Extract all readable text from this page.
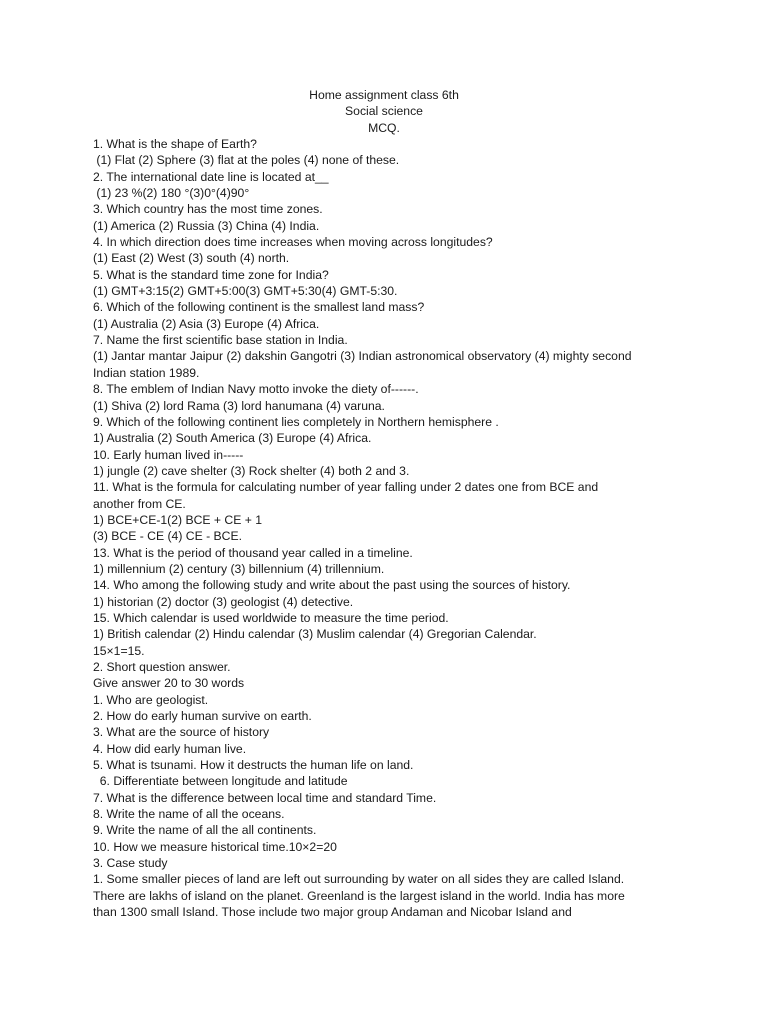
Home assignment class 6th
Social science
MCQ.
1. What is the shape of Earth?
(1) Flat (2) Sphere (3) flat at the poles (4) none of these.
2. The international date line is located at__
(1) 23 %(2) 180 °(3)0°(4)90°
3. Which country has the most time zones.
(1) America (2) Russia (3) China (4) India.
4. In which direction does time increases when moving across longitudes?
(1) East (2) West (3) south (4) north.
5. What is the standard time zone for India?
(1) GMT+3:15(2) GMT+5:00(3) GMT+5:30(4) GMT-5:30.
6. Which of the following continent is the smallest land mass?
(1) Australia (2) Asia (3) Europe (4) Africa.
7. Name the first scientific base station in India.
(1) Jantar mantar Jaipur (2) dakshin Gangotri (3) Indian astronomical observatory (4) mighty second
Indian station 1989.
8. The emblem of Indian Navy motto invoke the diety of------.
(1) Shiva (2) lord Rama (3) lord hanumana (4) varuna.
9. Which of the following continent lies completely in Northern hemisphere .
1) Australia (2) South America (3) Europe (4) Africa.
10. Early human lived in-----
1) jungle (2) cave shelter (3) Rock shelter (4) both 2 and 3.
11. What is the formula for calculating number of year falling under 2 dates one from BCE and
another from CE.
1) BCE+CE-1(2) BCE + CE + 1
(3) BCE - CE (4) CE - BCE.
13. What is the period of thousand year called in a timeline.
1) millennium (2) century (3) billennium (4) trillennium.
14. Who among the following study and write about the past using the sources of history.
1) historian (2) doctor (3) geologist (4) detective.
15. Which calendar is used worldwide to measure the time period.
1) British calendar (2) Hindu calendar (3) Muslim calendar (4) Gregorian Calendar.
15×1=15.
2. Short question answer.
Give answer 20 to 30 words
1. Who are geologist.
2. How do early human survive on earth.
3. What are the source of history
4. How did early human live.
5. What is tsunami. How it destructs the human life on land.
6. Differentiate between longitude and latitude
7. What is the difference between local time and standard Time.
8. Write the name of all the oceans.
9. Write the name of all the all continents.
10. How we measure historical time.10×2=20
3. Case study
1. Some smaller pieces of land are left out surrounding by water on all sides they are called Island.
There are lakhs of island on the planet. Greenland is the largest island in the world. India has more
than 1300 small Island. Those include two major group Andaman and Nicobar Island and
